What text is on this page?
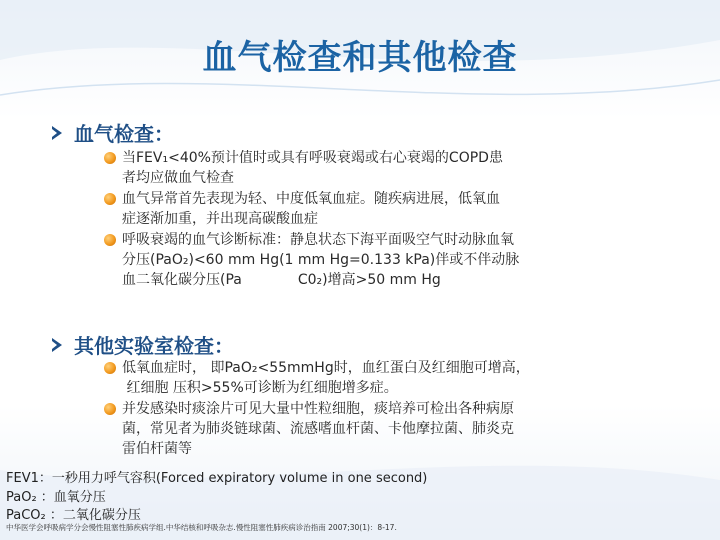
血气检查和其他检查
血气检查：
当FEV₁<40%预计值时或具有呼吸衰竭或右心衰竭的COPD患
者均应做血气检查
血气异常首先表现为轻、中度低氧血症。随疾病进展，低氧血
症逐渐加重，并出现高碳酸血症
呼吸衰竭的血气诊断标准：静息状态下海平面吸空气时动脉血氧
分压(PaO₂)<60 mm Hg(1 mm Hg=0.133 kPa)伴或不伴动脉
血二氧化碳分压(Pa　　　　C0₂)增高>50 mm Hg
其他实验室检查：
低氧血症时， 即PaO₂<55mmHg时，血红蛋白及红细胞可增高，
红细胞 压积>55%可诊断为红细胞增多症。
并发感染时痰涂片可见大量中性粒细胞，痰培养可检出各种病原
菌，常见者为肺炎链球菌、流感嗜血杆菌、卡他摩拉菌、肺炎克
雷伯杆菌等
FEV1：一秒用力呼气容积(Forced expiratory volume in one second)
PaO₂ ：血氧分压
PaCO₂ ：二氧化碳分压
中华医学会呼吸病学分会慢性阻塞性肺疾病学组.中华结核和呼吸杂志.慢性阻塞性肺疾病诊治指南 2007;30(1)：8-17.
